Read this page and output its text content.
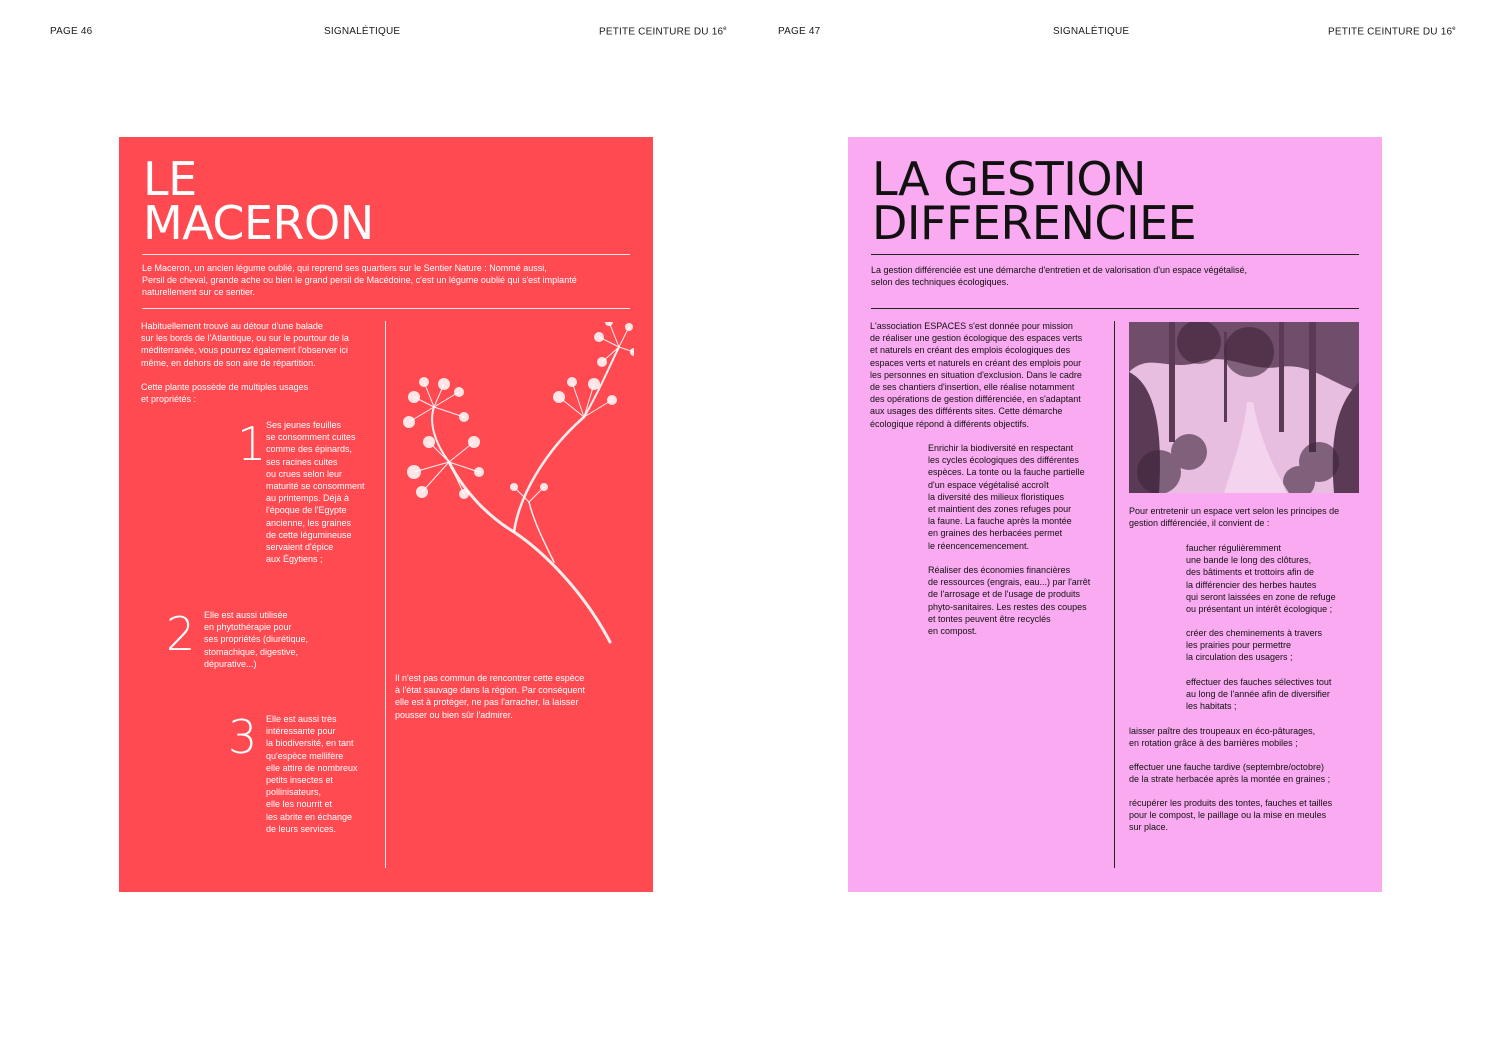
PAGE 46	SIGNALÉTIQUE	PETITE CEINTURE DU 16e	PAGE 47	SIGNALÉTIQUE	PETITE CEINTURE DU 16e
LE
MACERON

Le Maceron, un ancien légume oublié, qui reprend ses quartiers sur le Sentier Nature : Nommé aussi,
Persil de cheval, grande ache ou bien le grand persil de Macédoine, c'est un légume oublié qui s'est implanté
naturellement sur ce sentier.

Habituellement trouvé au détour d'une balade
sur les bords de l'Atlantique, ou sur le pourtour de la
méditerranée, vous pourrez également l'observer ici
même, en dehors de son aire de répartition.

Cette plante possède de multiples usages
et propriétés :

1 Ses jeunes feuilles
se consomment cuites
comme des épinards,
ses racines cuites
ou crues selon leur
maturité se consomment
au printemps. Déjà à
l'époque de l'Egypte
ancienne, les graines
de cette légumineuse
servaient d'épice
aux Égytiens ;

2 Elle est aussi utilisée
en phytothérapie pour
ses propriétés (diurétique,
stomachique, digestive,
dépurative...)

3 Elle est aussi très
intéressante pour
la biodiversité, en tant
qu'espèce mellifère
elle attire de nombreux
petits insectes et
pollinisateurs,
elle les nourrit et
les abrite en échange
de leurs services.

Il n'est pas commun de rencontrer cette espèce
à l'état sauvage dans la région. Par conséquent
elle est à protéger, ne pas l'arracher, la laisser
pousser ou bien sûr l'admirer.

LA GESTION
DIFFERENCIEE

La gestion différenciée est une démarche d'entretien et de valorisation d'un espace végétalisé,
selon des techniques écologiques.

L'association ESPACES s'est donnée pour mission
de réaliser une gestion écologique des espaces verts
et naturels en créant des emplois écologiques des
espaces verts et naturels en créant des emplois pour
les personnes en situation d'exclusion. Dans le cadre
de ses chantiers d'insertion, elle réalise notamment
des opérations de gestion différenciée, en s'adaptant
aux usages des différents sites. Cette démarche
écologique répond à différents objectifs.

Enrichir la biodiversité en respectant
les cycles écologiques des différentes
espèces. La tonte ou la fauche partielle
d'un espace végétalisé accroît
la diversité des milieux floristiques
et maintient des zones refuges pour
la faune. La fauche après la montée
en graines des herbacées permet
le réencencemencement.

Réaliser des économies financières
de ressources (engrais, eau...) par l'arrêt
de l'arrosage et de l'usage de produits
phyto-sanitaires. Les restes des coupes
et tontes peuvent être recyclés
en compost.

Pour entretenir un espace vert selon les principes de
gestion différenciée, il convient de :

faucher régulièremment
une bande le long des clôtures,
des bâtiments et trottoirs afin de
la différencier des herbes hautes
qui seront laissées en zone de refuge
ou présentant un intérêt écologique ;

créer des cheminements à travers
les prairies pour permettre
la circulation des usagers ;

effectuer des fauches sélectives tout
au long de l'année afin de diversifier
les habitats ;

laisser paître des troupeaux en éco-pâturages,
en rotation grâce à des barrières mobiles ;

effectuer une fauche tardive (septembre/octobre)
de la strate herbacée après la montée en graines ;

récupérer les produits des tontes, fauches et tailles
pour le compost, le paillage ou la mise en meules
sur place.
